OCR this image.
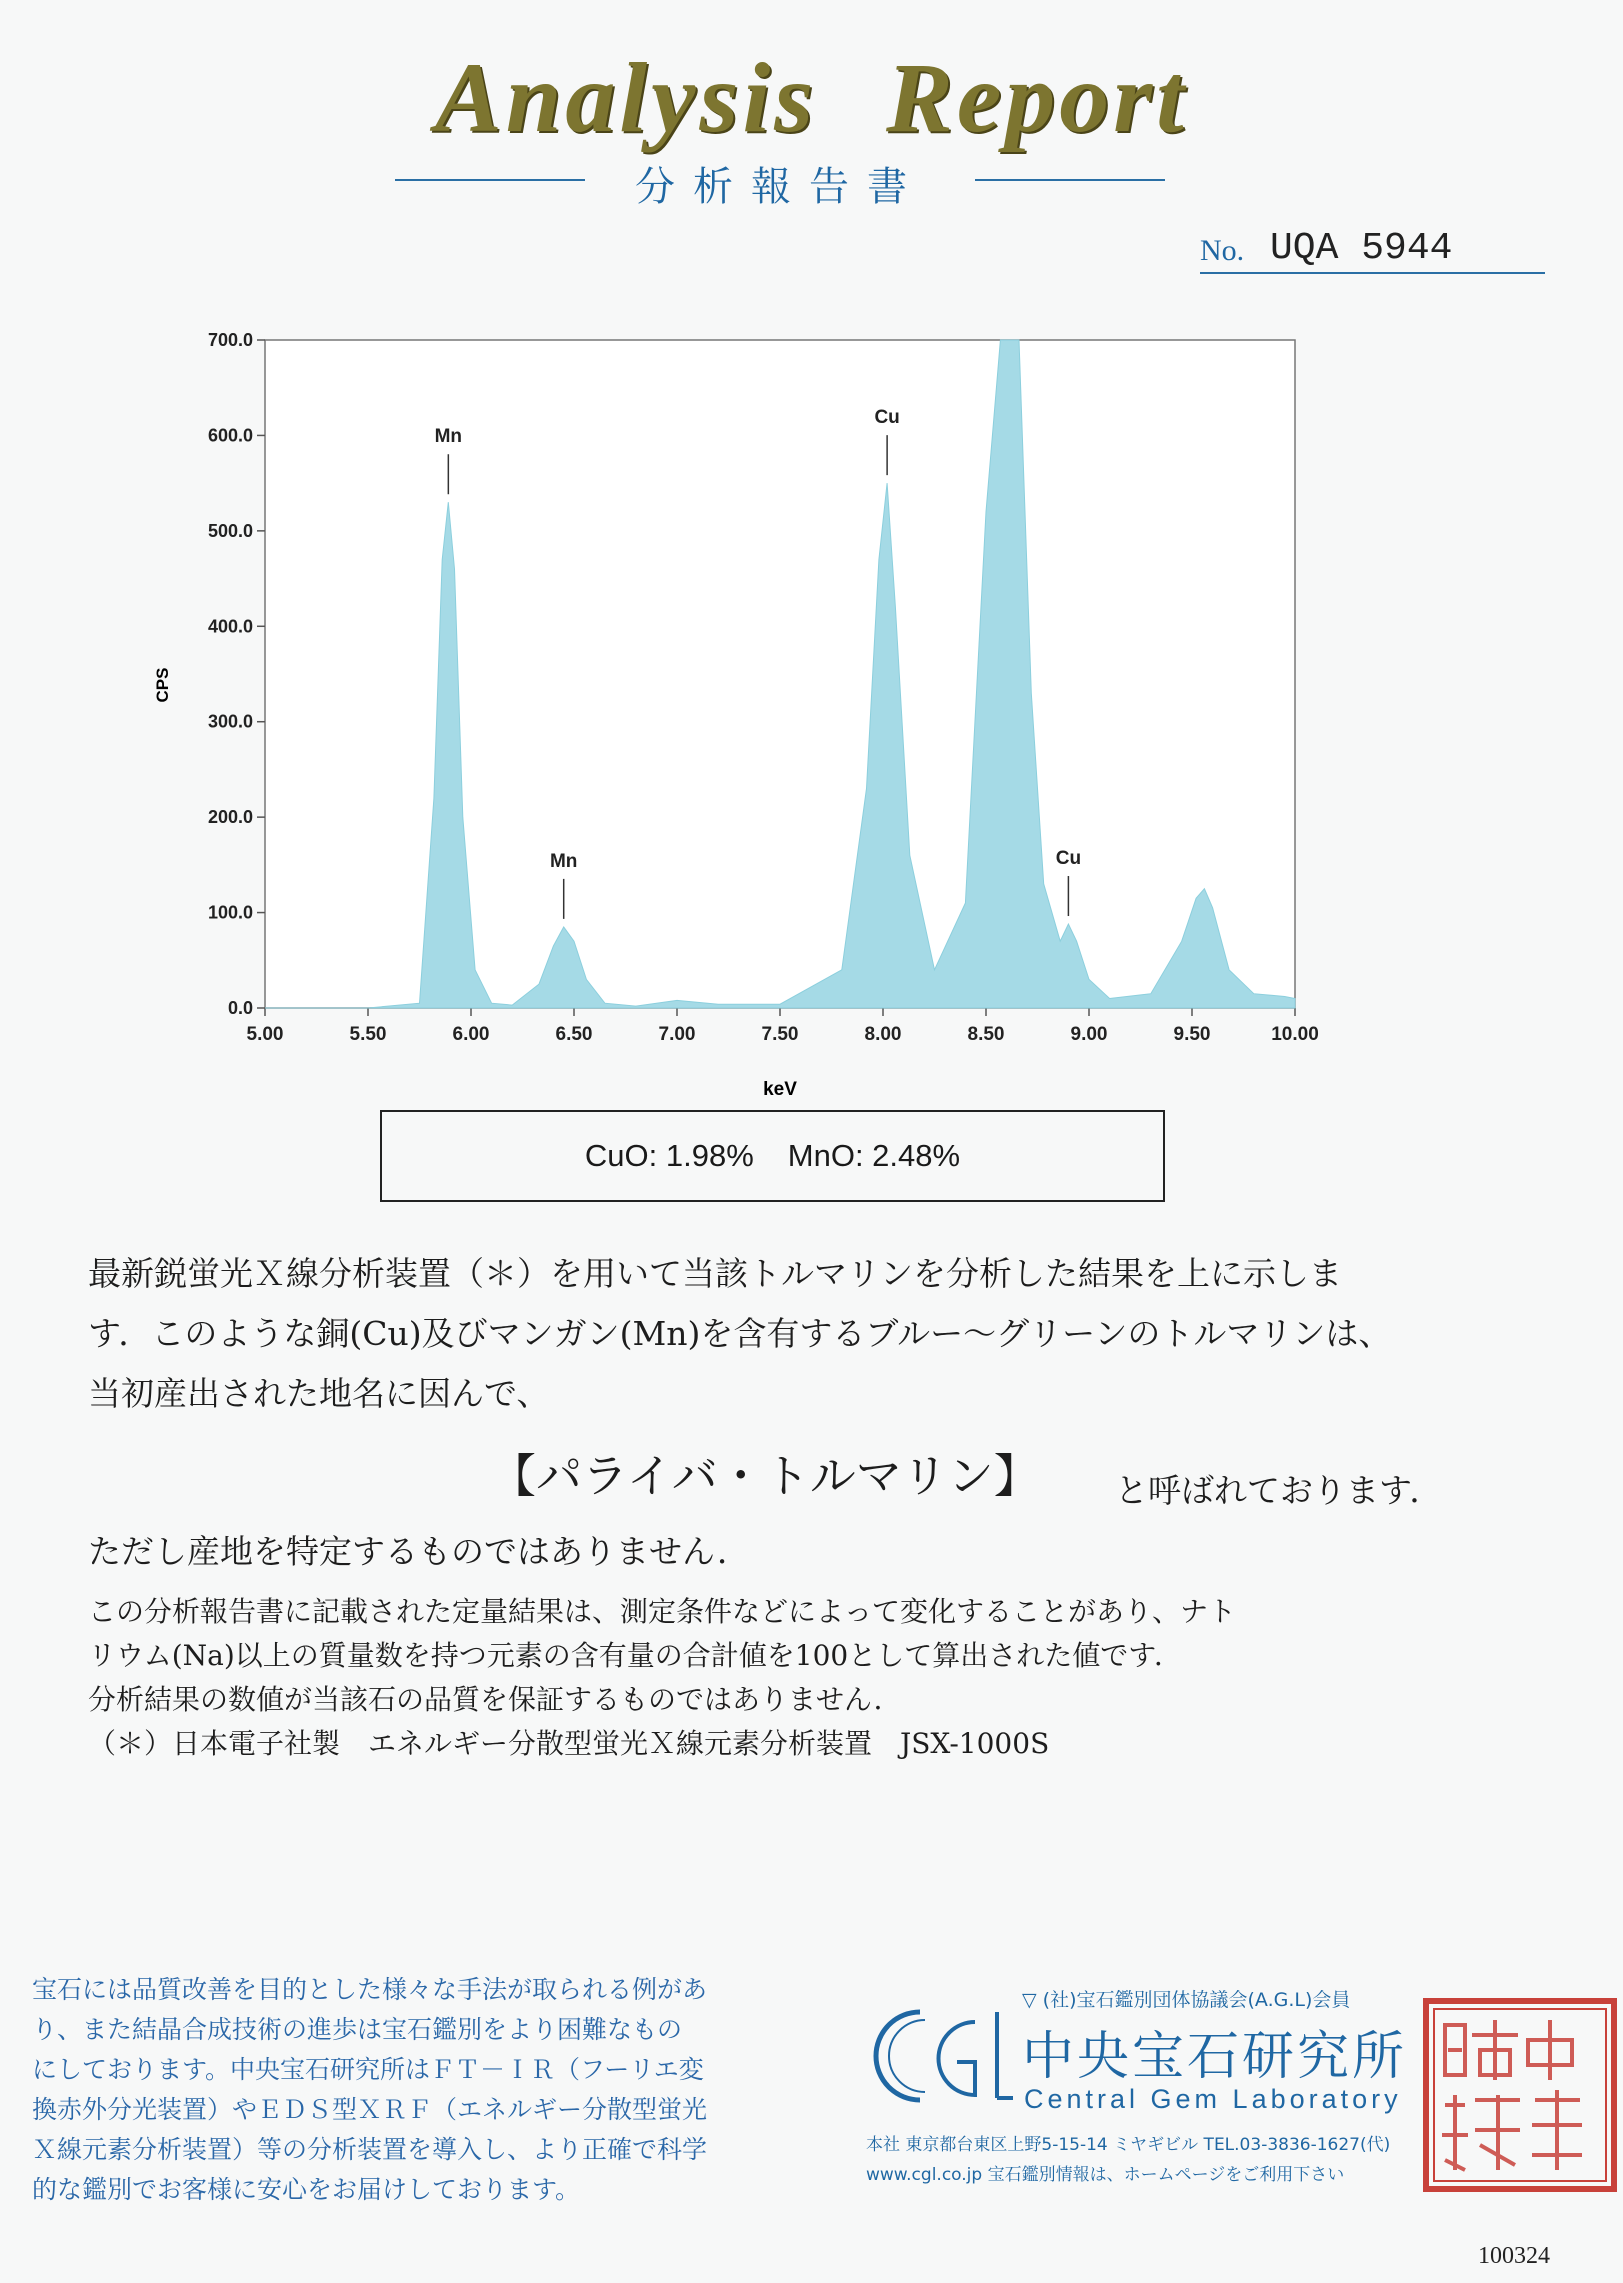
Analysis Report
分析報告書
No. UQA 5944
0.0
100.0
200.0
300.0
400.0
500.0
600.0
700.0
5.00	5.50	6.00	6.50	7.00	7.50	8.00	8.50	9.00	9.50	10.00
Mn
Mn
Cu
Cu
CPS
keV
CuO: 1.98% MnO: 2.48%
最新鋭蛍光Ｘ線分析装置（＊）を用いて当該トルマリンを分析した結果を上に示しま
す．このような銅(Cu)及びマンガン(Mn)を含有するブルー～グリーンのトルマリンは、
当初産出された地名に因んで、
【パライバ・トルマリン】 と呼ばれております．
ただし産地を特定するものではありません．
この分析報告書に記載された定量結果は、測定条件などによって変化することがあり、ナト
リウム(Na)以上の質量数を持つ元素の含有量の合計値を100として算出された値です．
分析結果の数値が当該石の品質を保証するものではありません．
（＊）日本電子社製　エネルギー分散型蛍光Ｘ線元素分析装置　JSX-1000S
宝石には品質改善を目的とした様々な手法が取られる例があ
り、また結晶合成技術の進歩は宝石鑑別をより困難なもの
にしております。中央宝石研究所はＦＴ－ＩＲ（フーリエ変
換赤外分光装置）やＥＤＳ型ＸＲＦ（エネルギー分散型蛍光
Ｘ線元素分析装置）等の分析装置を導入し、より正確で科学
的な鑑別でお客様に安心をお届けしております。
▽ (社)宝石鑑別団体協議会(A.G.L)会員
中央宝石研究所
Central Gem Laboratory
本社 東京都台東区上野5-15-14 ミヤギビル TEL.03-3836-1627(代)
www.cgl.co.jp 宝石鑑別情報は、ホームページをご利用下さい
100324
